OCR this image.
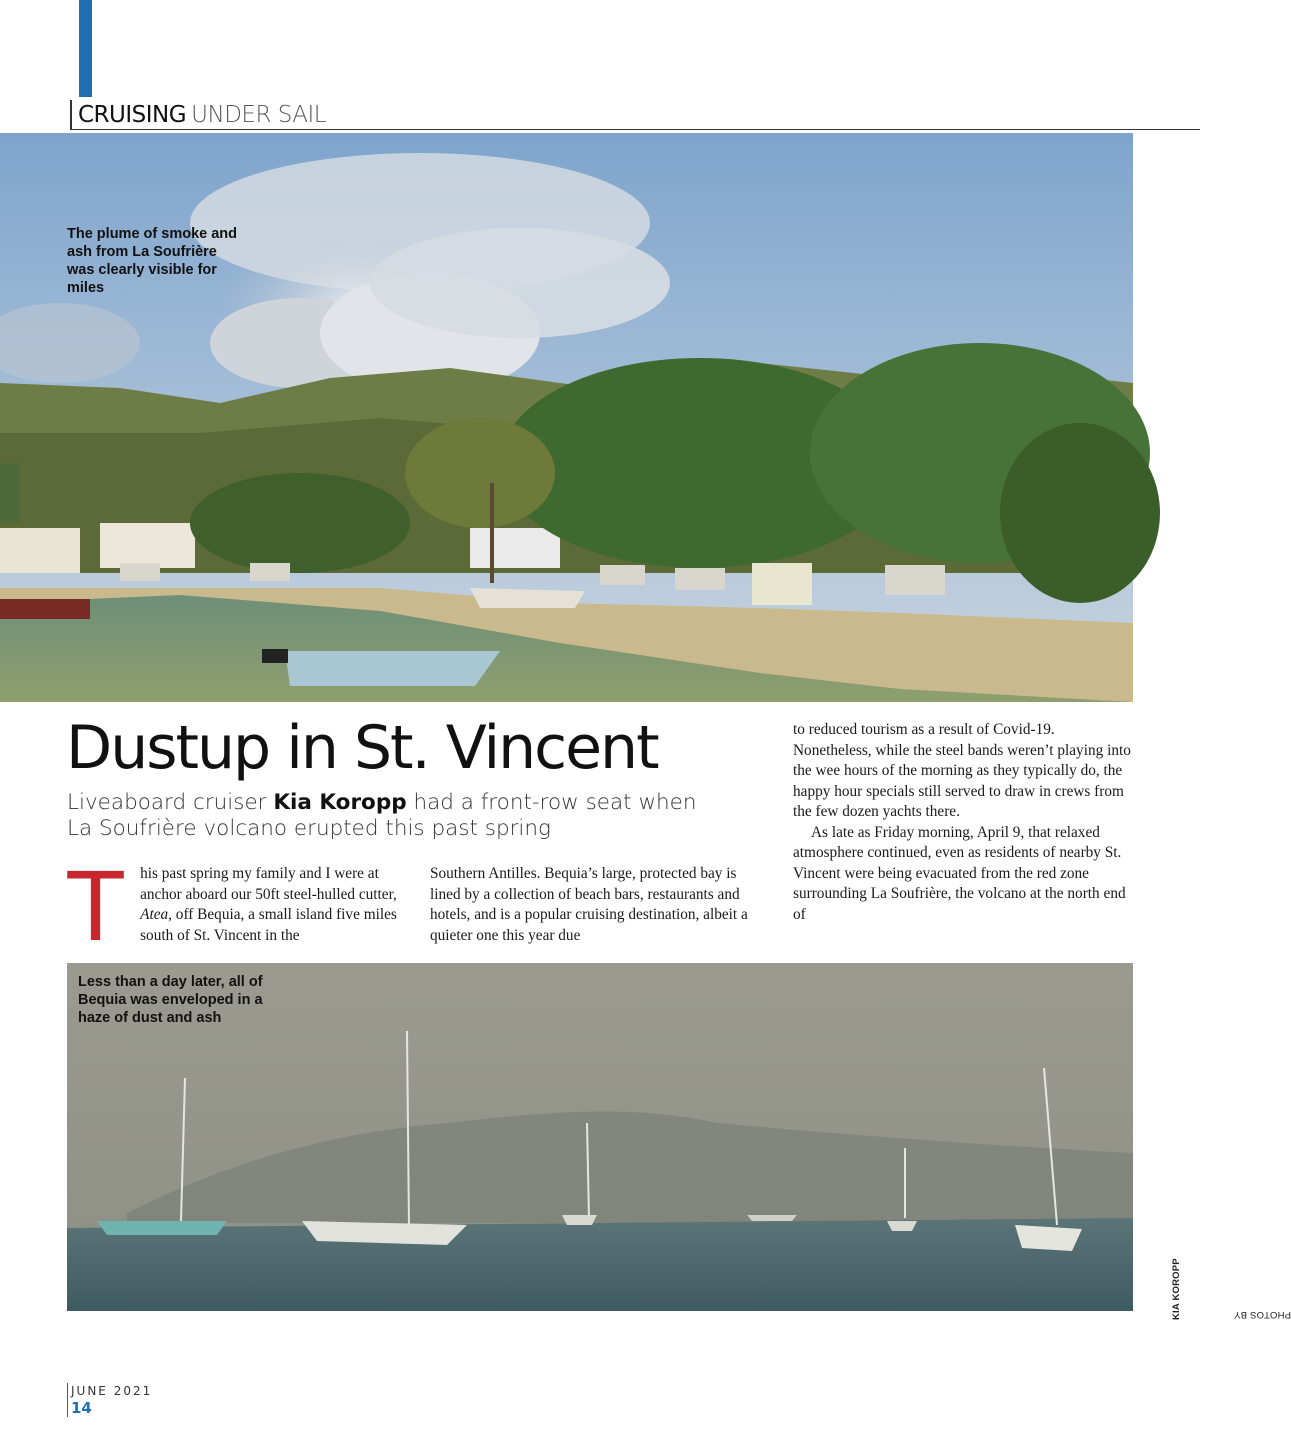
CRUISING UNDER SAIL
The plume of smoke and ash from La Soufrière was clearly visible for miles
Dustup in St. Vincent
Liveaboard cruiser Kia Koropp had a front-row seat when La Soufrière volcano erupted this past spring

This past spring my family and I were at anchor aboard our 50ft steel-hulled cutter, Atea, off Bequia, a small island five miles south of St. Vincent in the

Southern Antilles. Bequia’s large, protected bay is lined by a collection of beach bars, restaurants and hotels, and is a popular cruising destination, albeit a quieter one this year due

to reduced tourism as a result of Covid-19. Nonetheless, while the steel bands weren’t playing into the wee hours of the morning as they typically do, the happy hour specials still served to draw in crews from the few dozen yachts there.

As late as Friday morning, April 9, that relaxed atmosphere continued, even as residents of nearby St. Vincent were being evacuated from the red zone surrounding La Soufrière, the volcano at the north end of

Less than a day later, all of Bequia was enveloped in a haze of dust and ash
PHOTOS BY
KIA KOROPP
JUNE 2021
14
